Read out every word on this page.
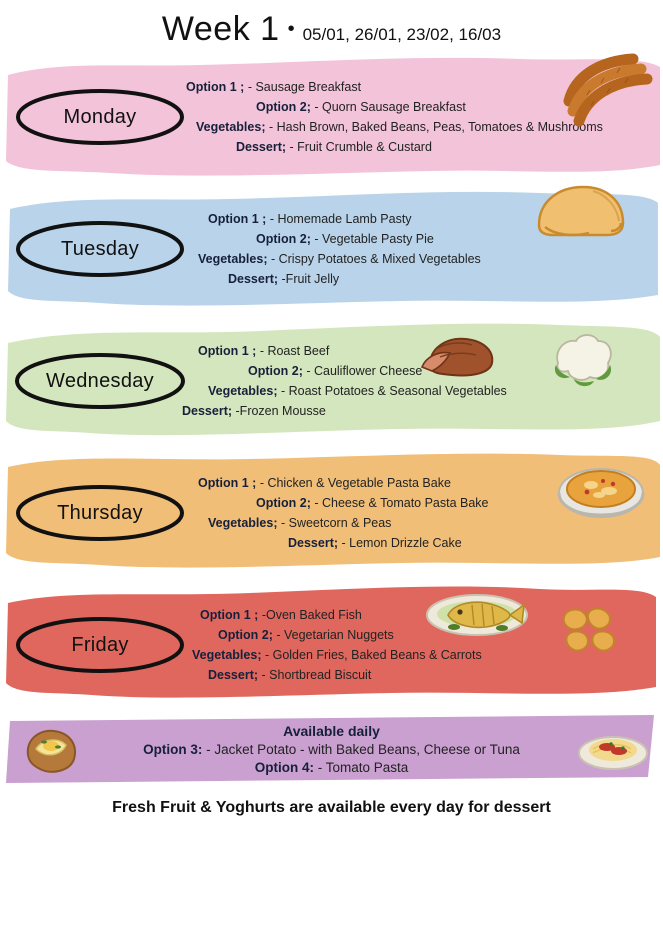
Week 1 • 05/01, 26/01, 23/02, 16/03
Monday
Option 1 ; - Sausage Breakfast
Option 2; - Quorn Sausage Breakfast
Vegetables; - Hash Brown, Baked Beans, Peas, Tomatoes & Mushrooms
Dessert; - Fruit Crumble & Custard
Tuesday
Option 1 ; - Homemade Lamb Pasty
Option 2; - Vegetable Pasty Pie
Vegetables; - Crispy Potatoes & Mixed Vegetables
Dessert; -Fruit Jelly
Wednesday
Option 1 ; - Roast Beef
Option 2; - Cauliflower Cheese
Vegetables; - Roast Potatoes & Seasonal Vegetables
Dessert; -Frozen Mousse
Thursday
Option 1 ; - Chicken & Vegetable Pasta Bake
Option 2; - Cheese & Tomato Pasta Bake
Vegetables; - Sweetcorn & Peas
Dessert; - Lemon Drizzle Cake
Friday
Option 1 ; -Oven Baked Fish
Option 2; - Vegetarian Nuggets
Vegetables; - Golden Fries, Baked Beans & Carrots
Dessert; - Shortbread Biscuit
Available daily
Option 3: - Jacket Potato - with Baked Beans, Cheese or Tuna
Option 4: - Tomato Pasta
Fresh Fruit & Yoghurts are available every day for dessert
